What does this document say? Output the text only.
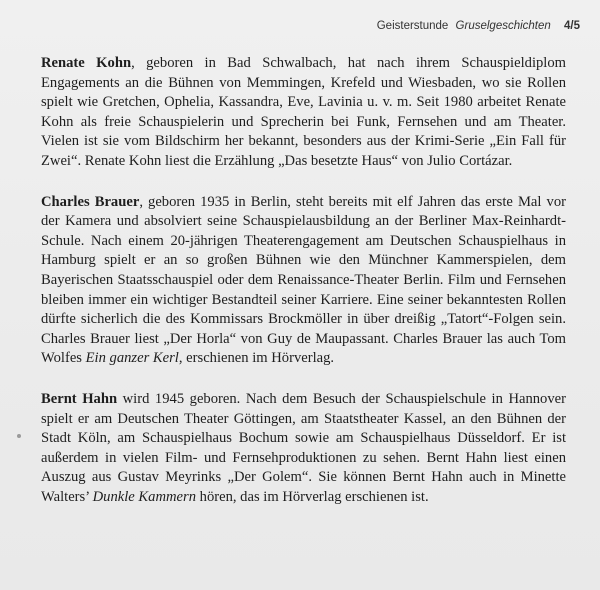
Geisterstunde Gruselgeschichten 4/5

Renate Kohn, geboren in Bad Schwalbach, hat nach ihrem Schauspieldiplom Engagements an die Bühnen von Memmingen, Krefeld und Wiesbaden, wo sie Rollen spielt wie Gretchen, Ophelia, Kassandra, Eve, Lavinia u. v. m. Seit 1980 arbeitet Renate Kohn als freie Schauspielerin und Sprecherin bei Funk, Fernsehen und am Theater. Vielen ist sie vom Bildschirm her bekannt, besonders aus der Krimi-Serie „Ein Fall für Zwei“. Renate Kohn liest die Erzählung „Das besetzte Haus“ von Julio Cortázar.

Charles Brauer, geboren 1935 in Berlin, steht bereits mit elf Jahren das erste Mal vor der Kamera und absolviert seine Schauspielausbildung an der Berliner Max-Reinhardt-Schule. Nach einem 20-jährigen Theaterengagement am Deutschen Schauspielhaus in Hamburg spielt er an so großen Bühnen wie den Münchner Kammerspielen, dem Bayerischen Staatsschauspiel oder dem Renaissance-Theater Berlin. Film und Fernsehen bleiben immer ein wichtiger Bestandteil seiner Karriere. Eine seiner bekanntesten Rollen dürfte sicherlich die des Kommissars Brockmöller in über dreißig „Tatort“-Folgen sein. Charles Brauer liest „Der Horla“ von Guy de Maupassant. Charles Brauer las auch Tom Wolfes Ein ganzer Kerl, erschienen im Hörverlag.

Bernt Hahn wird 1945 geboren. Nach dem Besuch der Schauspielschule in Hannover spielt er am Deutschen Theater Göttingen, am Staatstheater Kassel, an den Bühnen der Stadt Köln, am Schauspielhaus Bochum sowie am Schauspielhaus Düsseldorf. Er ist außerdem in vielen Film- und Fernsehproduktionen zu sehen. Bernt Hahn liest einen Auszug aus Gustav Meyrinks „Der Golem“. Sie können Bernt Hahn auch in Minette Walters’ Dunkle Kammern hören, das im Hörverlag erschienen ist.
